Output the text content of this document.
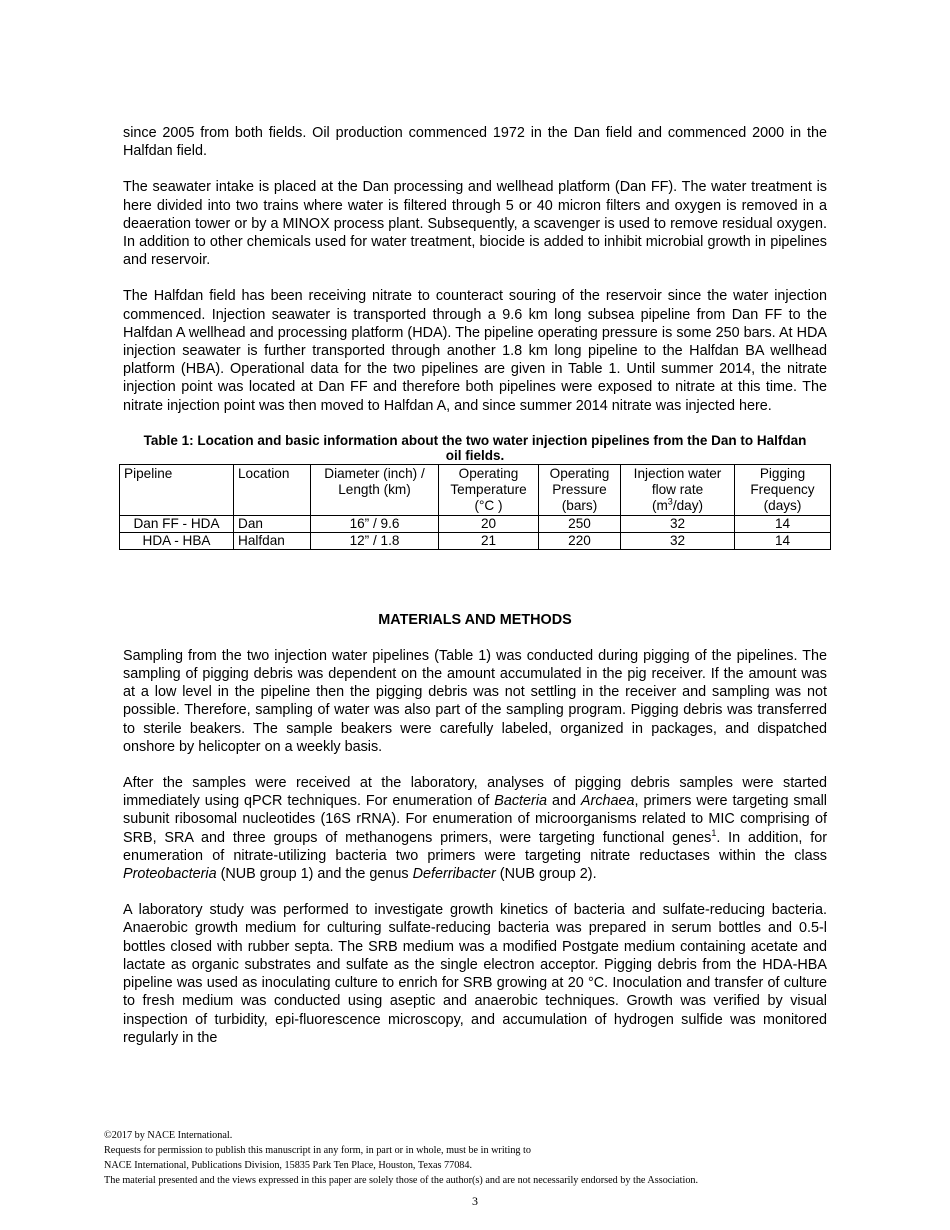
since 2005 from both fields. Oil production commenced 1972 in the Dan field and commenced 2000 in the Halfdan field.

The seawater intake is placed at the Dan processing and wellhead platform (Dan FF). The water treatment is here divided into two trains where water is filtered through 5 or 40 micron filters and oxygen is removed in a deaeration tower or by a MINOX process plant. Subsequently, a scavenger is used to remove residual oxygen. In addition to other chemicals used for water treatment, biocide is added to inhibit microbial growth in pipelines and reservoir.

The Halfdan field has been receiving nitrate to counteract souring of the reservoir since the water injection commenced. Injection seawater is transported through a 9.6 km long subsea pipeline from Dan FF to the Halfdan A wellhead and processing platform (HDA). The pipeline operating pressure is some 250 bars. At HDA injection seawater is further transported through another 1.8 km long pipeline to the Halfdan BA wellhead platform (HBA). Operational data for the two pipelines are given in Table 1. Until summer 2014, the nitrate injection point was located at Dan FF and therefore both pipelines were exposed to nitrate at this time. The nitrate injection point was then moved to Halfdan A, and since summer 2014 nitrate was injected here.

Table 1: Location and basic information about the two water injection pipelines from the Dan to Halfdan oil fields.
Pipeline	Location	Diameter (inch) / Length (km)	Operating Temperature (°C )	Operating Pressure (bars)	Injection water flow rate $(m^3/day)$	Pigging Frequency (days)
Dan FF - HDA	Dan	16” / 9.6	20	250	32	14
HDA - HBA	Halfdan	12” / 1.8	21	220	32	14
MATERIALS AND METHODS

Sampling from the two injection water pipelines (Table 1) was conducted during pigging of the pipelines. The sampling of pigging debris was dependent on the amount accumulated in the pig receiver. If the amount was at a low level in the pipeline then the pigging debris was not settling in the receiver and sampling was not possible. Therefore, sampling of water was also part of the sampling program. Pigging debris was transferred to sterile beakers. The sample beakers were carefully labeled, organized in packages, and dispatched onshore by helicopter on a weekly basis.

After the samples were received at the laboratory, analyses of pigging debris samples were started immediately using qPCR techniques. For enumeration of Bacteria and Archaea, primers were targeting small subunit ribosomal nucleotides (16S rRNA). For enumeration of microorganisms related to MIC comprising of SRB, SRA and three groups of methanogens primers, were targeting functional genes$^1$. In addition, for enumeration of nitrate-utilizing bacteria two primers were targeting nitrate reductases within the class Proteobacteria (NUB group 1) and the genus Deferribacter (NUB group 2).

A laboratory study was performed to investigate growth kinetics of bacteria and sulfate-reducing bacteria. Anaerobic growth medium for culturing sulfate-reducing bacteria was prepared in serum bottles and 0.5-l bottles closed with rubber septa. The SRB medium was a modified Postgate medium containing acetate and lactate as organic substrates and sulfate as the single electron acceptor. Pigging debris from the HDA-HBA pipeline was used as inoculating culture to enrich for SRB growing at 20 °C. Inoculation and transfer of culture to fresh medium was conducted using aseptic and anaerobic techniques. Growth was verified by visual inspection of turbidity, epi-fluorescence microscopy, and accumulation of hydrogen sulfide was monitored regularly in the

©2017 by NACE International.
Requests for permission to publish this manuscript in any form, in part or in whole, must be in writing to
NACE International, Publications Division, 15835 Park Ten Place, Houston, Texas 77084.
The material presented and the views expressed in this paper are solely those of the author(s) and are not necessarily endorsed by the Association.
3
